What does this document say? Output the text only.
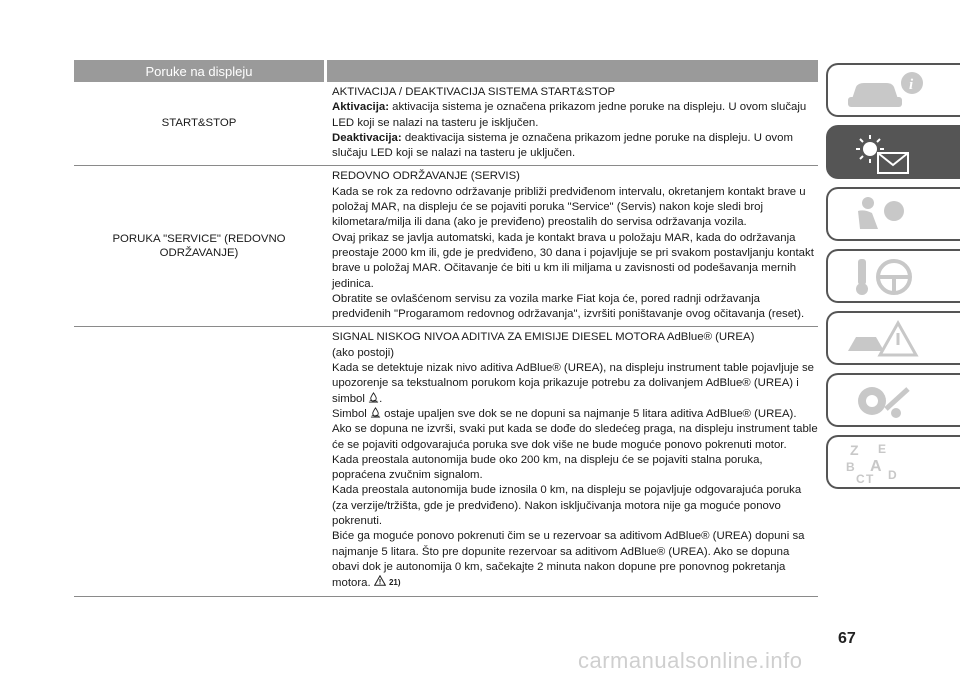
Poruke na displeju
START&STOP

AKTIVACIJA / DEAKTIVACIJA SISTEMA START&STOP

Aktivacija: aktivacija sistema je označena prikazom jedne poruke na displeju. U ovom slučaju LED koji se nalazi na tasteru je isključen.

Deaktivacija: deaktivacija sistema je označena prikazom jedne poruke na displeju. U ovom slučaju LED koji se nalazi na tasteru je uključen.

PORUKA "SERVICE" (REDOVNO ODRŽAVANJE)

REDOVNO ODRŽAVANJE (SERVIS)

Kada se rok za redovno održavanje približi predviđenom intervalu, okretanjem kontakt brave u položaj MAR, na displeju će se pojaviti poruka "Service" (Servis) nakon koje sledi broj kilometara/milja ili dana (ako je previđeno) preostalih do servisa održavanja vozila.

Ovaj prikaz se javlja automatski, kada je kontakt brava u položaju MAR, kada do održavanja preostaje 2000 km ili, gde je predviđeno, 30 dana i pojavljuje se pri svakom postavljanju kontakt brave u položaj MAR. Očitavanje će biti u km ili miljama u zavisnosti od podešavanja mernih jedinica.

Obratite se ovlašćenom servisu za vozila marke Fiat koja će, pored radnji održavanja predviđenih "Progaramom redovnog održavanja", izvršiti poništavanje ovog očitavanja (reset).

SIGNAL NISKOG NIVOA ADITIVA ZA EMISIJE DIESEL MOTORA AdBlue® (UREA)

(ako postoji)

Kada se detektuje nizak nivo aditiva AdBlue® (UREA), na displeju instrument table pojavljuje se upozorenje sa tekstualnom porukom koja prikazuje potrebu za dolivanjem AdBlue® (UREA) i simbol .

Simbol  ostaje upaljen sve dok se ne dopuni sa najmanje 5 litara aditiva AdBlue® (UREA). Ako se dopuna ne izvrši, svaki put kada se dođe do sledećeg praga, na displeju instrument table će se pojaviti odgovarajuća poruka sve dok više ne bude moguće ponovo pokrenuti motor.

Kada preostala autonomija bude oko 200 km, na displeju će se pojaviti stalna poruka, popraćena zvučnim signalom.

Kada preostala autonomija bude iznosila 0 km, na displeju se pojavljuje odgovarajuća poruka (za verzije/tržišta, gde je predviđeno). Nakon isključivanja motora nije ga moguće ponovo pokrenuti.

Biće ga moguće ponovo pokrenuti čim se u rezervoar sa aditivom AdBlue® (UREA) dopuni sa najmanje 5 litara. Što pre dopunite rezervoar sa aditivom AdBlue® (UREA). Ako se dopuna obavi dok je autonomija 0 km, sačekajte 2 minuta nakon dopune pre ponovnog pokretanja motora.  21)

i
Z E
B A
C T D
67
carmanualsonline.info
